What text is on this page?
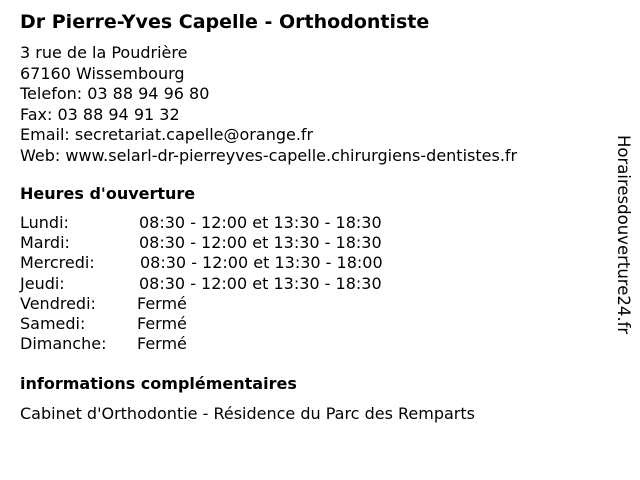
Dr Pierre-Yves Capelle - Orthodontiste
3 rue de la Poudrière
67160 Wissembourg
Telefon: 03 88 94 96 80
Fax: 03 88 94 91 32
Email: secretariat.capelle@orange.fr
Web: www.selarl-dr-pierreyves-capelle.chirurgiens-dentistes.fr
Heures d'ouverture
Lundi:	08:30 - 12:00 et 13:30 - 18:30
Mardi:	08:30 - 12:00 et 13:30 - 18:30
Mercredi:	08:30 - 12:00 et 13:30 - 18:00
Jeudi:	08:30 - 12:00 et 13:30 - 18:30
Vendredi:	Fermé
Samedi:	Fermé
Dimanche: Fermé
informations complémentaires
Cabinet d'Orthodontie - Résidence du Parc des Remparts
Horairesdouverture24.fr
